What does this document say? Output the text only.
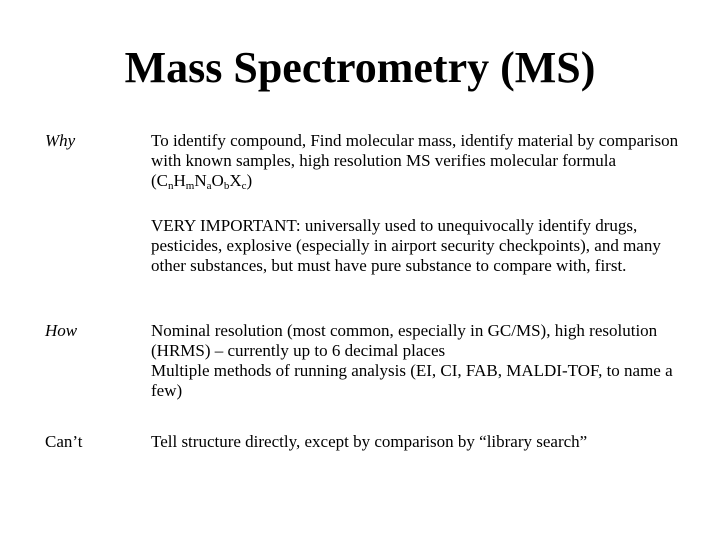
Mass Spectrometry (MS)
Why	To identify compound, Find molecular mass, identify material by comparison with known samples, high resolution MS verifies molecular formula $(C_nH_mN_aO_bX_c)$

VERY IMPORTANT: universally used to unequivocally identify drugs, pesticides, explosive (especially in airport security checkpoints), and many other substances, but must have pure substance to compare with, first.

How	Nominal resolution (most common, especially in GC/MS), high resolution (HRMS) – currently up to 6 decimal places

Multiple methods of running analysis (EI, CI, FAB, MALDI-TOF, to name a few)

Can’t	Tell structure directly, except by comparison by “library search”
